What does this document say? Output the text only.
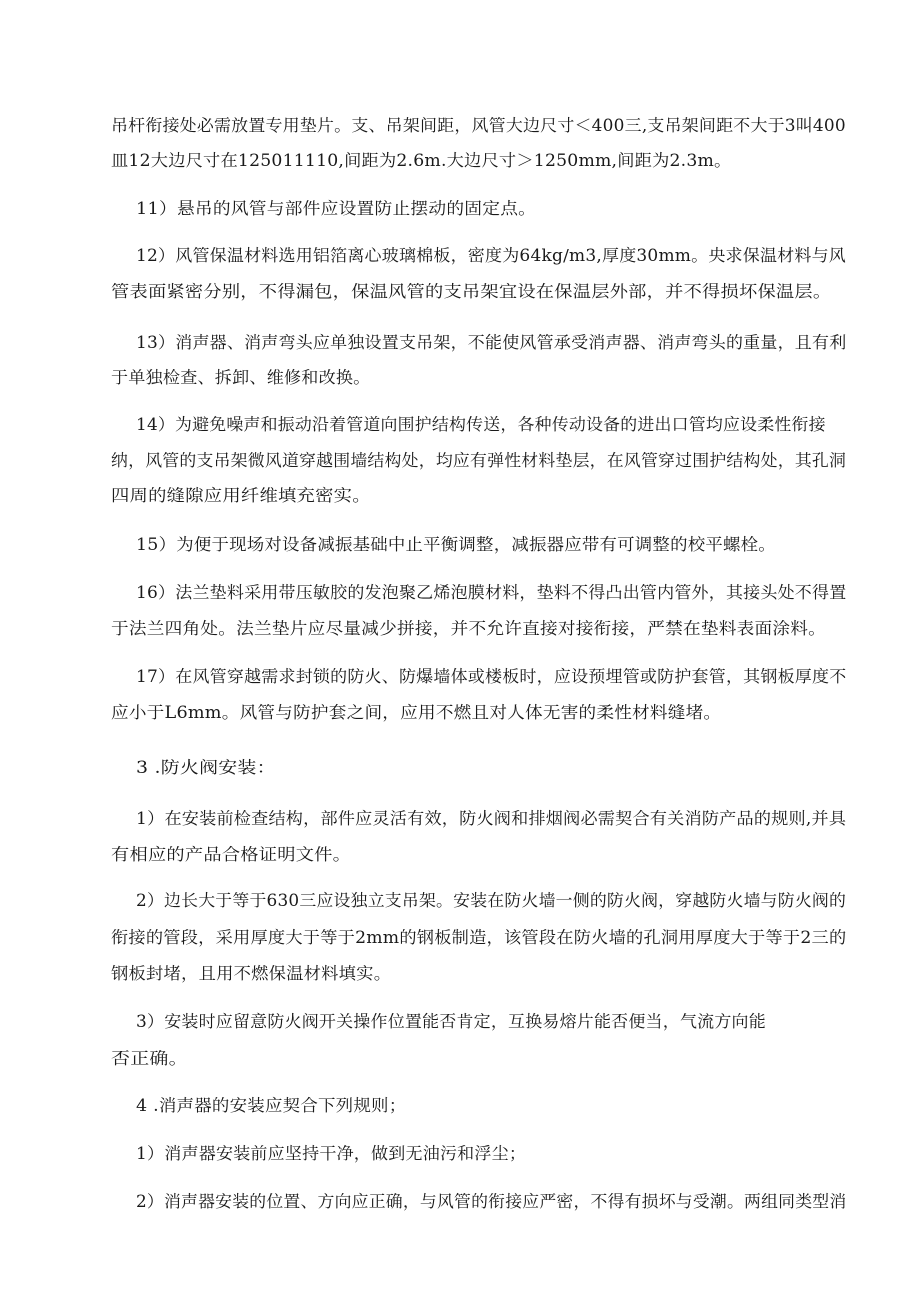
吊杆衔接处必需放置专用垫片。支、吊架间距，风管大边尺寸＜400三,支吊架间距不大于3叫400
皿12大边尺寸在125011110,间距为2.6m.大边尺寸＞1250mm,间距为2.3m。
11）悬吊的风管与部件应设置防止摆动的固定点。
12）风管保温材料选用铝箔离心玻璃棉板，密度为64kg∕m3,厚度30mm。央求保温材料与风
管表面紧密分别，不得漏包，保温风管的支吊架宜设在保温层外部，并不得损坏保温层。
13）消声器、消声弯头应单独设置支吊架，不能使风管承受消声器、消声弯头的重量，且有利
于单独检查、拆卸、维修和改换。
14）为避免噪声和振动沿着管道向围护结构传送，各种传动设备的进出口管均应设柔性衔接
纳，风管的支吊架微风道穿越围墙结构处，均应有弹性材料垫层，在风管穿过围护结构处，其孔洞
四周的缝隙应用纤维填充密实。
15）为便于现场对设备减振基础中止平衡调整，减振器应带有可调整的校平螺栓。
16）法兰垫料采用带压敏胶的发泡聚乙烯泡膜材料，垫料不得凸出管内管外，其接头处不得置
于法兰四角处。法兰垫片应尽量减少拼接，并不允许直接对接衔接，严禁在垫料表面涂料。
17）在风管穿越需求封锁的防火、防爆墙体或楼板时，应设预埋管或防护套管，其钢板厚度不
应小于L6mm。风管与防护套之间，应用不燃且对人体无害的柔性材料缝堵。
3 .防火阀安装：
1）在安装前检查结构，部件应灵活有效，防火阀和排烟阀必需契合有关消防产品的规则,并具
有相应的产品合格证明文件。
2）边长大于等于630三应设独立支吊架。安装在防火墙一侧的防火阀，穿越防火墙与防火阀的
衔接的管段，采用厚度大于等于2mm的钢板制造，该管段在防火墙的孔洞用厚度大于等于2三的
钢板封堵，且用不燃保温材料填实。
3）安装时应留意防火阀开关操作位置能否肯定，互换易熔片能否便当，气流方向能
否正确。
4 .消声器的安装应契合下列规则；
1）消声器安装前应坚持干净，做到无油污和浮尘；
2）消声器安装的位置、方向应正确，与风管的衔接应严密，不得有损坏与受潮。两组同类型消
